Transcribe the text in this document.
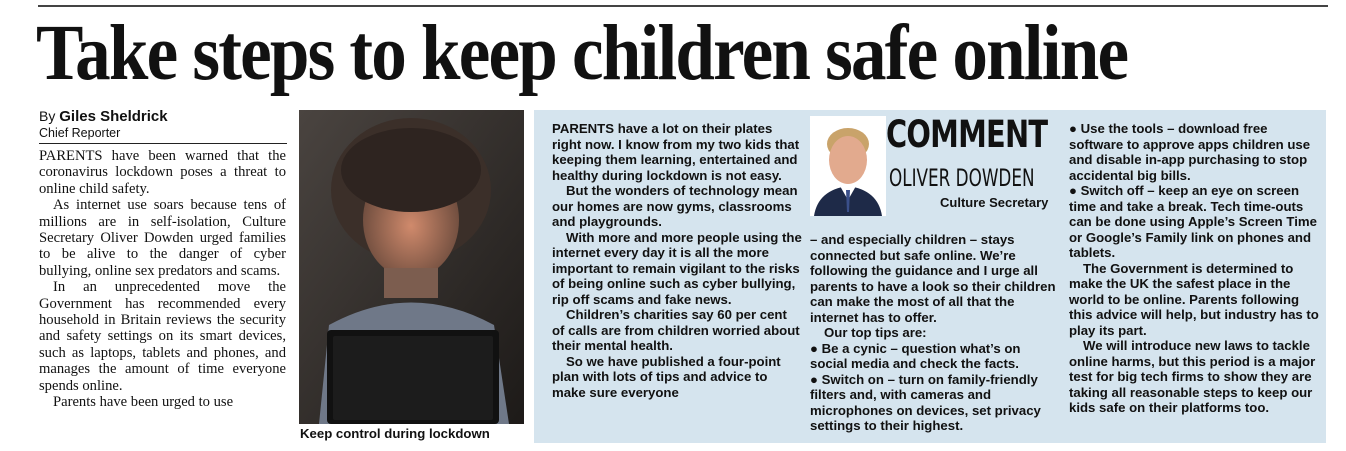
Take steps to keep children safe online
By Giles Sheldrick
Chief Reporter

PARENTS have been warned that the coronavirus lockdown poses a threat to online child safety.

As internet use soars because tens of millions are in self-isolation, Culture Secretary Oliver Dowden urged families to be alive to the danger of cyber bullying, online sex predators and scams.

In an unprecedented move the Government has recommended every household in Britain reviews the security and safety settings on its smart devices, such as laptops, tablets and phones, and manages the amount of time everyone spends online.

Parents have been urged to use

Keep control during lockdown

PARENTS have a lot on their plates right now. I know from my two kids that keeping them learning, entertained and healthy during lockdown is not easy.

But the wonders of technology mean our homes are now gyms, classrooms and playgrounds.

With more and more people using the internet every day it is all the more important to remain vigilant to the risks of being online such as cyber bullying, rip off scams and fake news.

Children’s charities say 60 per cent of calls are from children worried about their mental health.

So we have published a four-point plan with lots of tips and advice to make sure everyone

COMMENT
OLIVER DOWDEN
Culture Secretary

– and especially children – stays connected but safe online. We’re following the guidance and I urge all parents to have a look so their children can make the most of all that the internet has to offer.

Our top tips are:

● Be a cynic – question what’s on social media and check the facts.

● Switch on – turn on family-friendly filters and, with cameras and microphones on devices, set privacy settings to their highest.

● Use the tools – download free software to approve apps children use and disable in-app purchasing to stop accidental big bills.

● Switch off – keep an eye on screen time and take a break. Tech time-outs can be done using Apple’s Screen Time or Google’s Family link on phones and tablets.

The Government is determined to make the UK the safest place in the world to be online. Parents following this advice will help, but industry has to play its part.

We will introduce new laws to tackle online harms, but this period is a major test for big tech firms to show they are taking all reasonable steps to keep our kids safe on their platforms too.
